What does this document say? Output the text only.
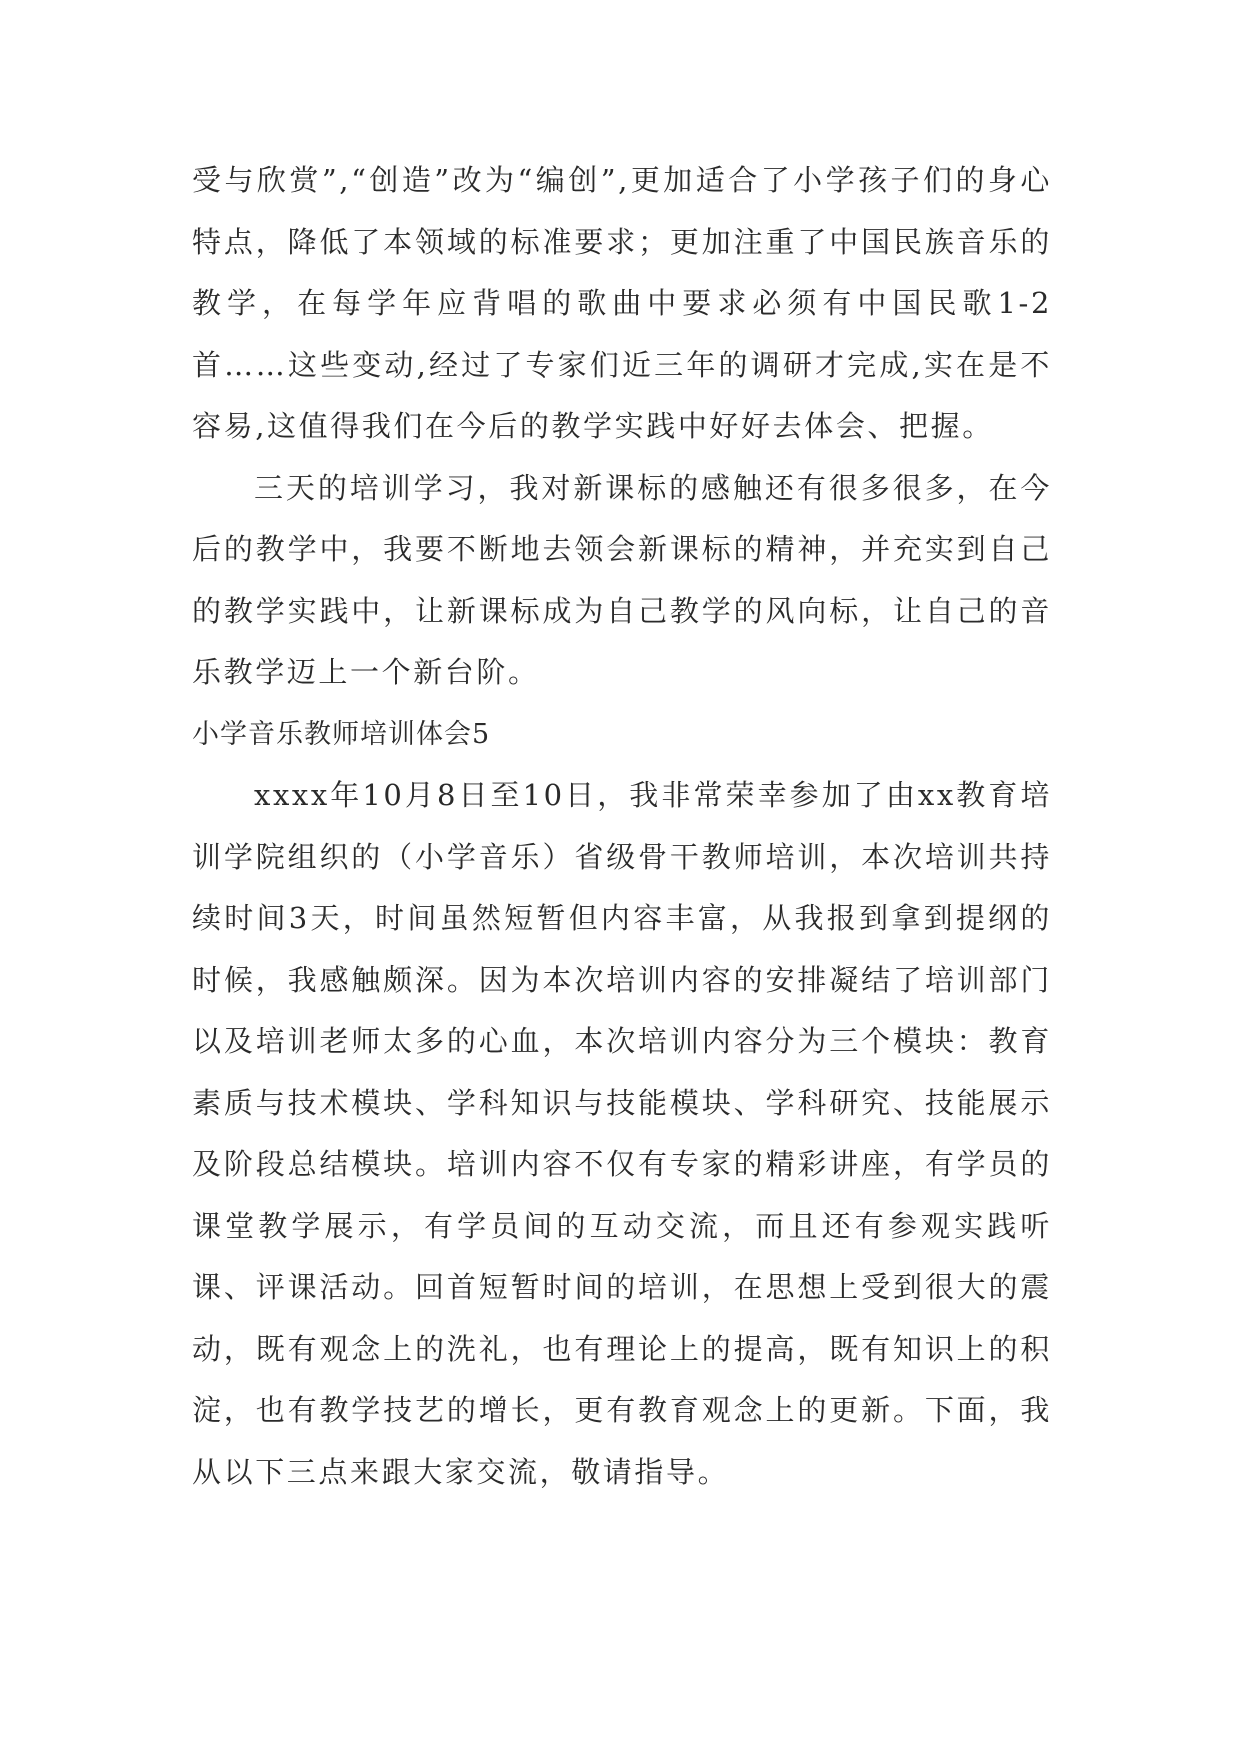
受与欣赏”,“创造”改为“编创”,更加适合了小学孩子们的身心特点，降低了本领域的标准要求；更加注重了中国民族音乐的教学，在每学年应背唱的歌曲中要求必须有中国民歌1-2首……这些变动,经过了专家们近三年的调研才完成,实在是不容易,这值得我们在今后的教学实践中好好去体会、把握。

三天的培训学习，我对新课标的感触还有很多很多，在今后的教学中，我要不断地去领会新课标的精神，并充实到自己的教学实践中，让新课标成为自己教学的风向标，让自己的音乐教学迈上一个新台阶。

小学音乐教师培训体会5

xxxx年10月8日至10日，我非常荣幸参加了由xx教育培训学院组织的（小学音乐）省级骨干教师培训，本次培训共持续时间3天，时间虽然短暂但内容丰富，从我报到拿到提纲的时候，我感触颇深。因为本次培训内容的安排凝结了培训部门以及培训老师太多的心血，本次培训内容分为三个模块：教育素质与技术模块、学科知识与技能模块、学科研究、技能展示及阶段总结模块。培训内容不仅有专家的精彩讲座，有学员的课堂教学展示，有学员间的互动交流，而且还有参观实践听课、评课活动。回首短暂时间的培训，在思想上受到很大的震动，既有观念上的洗礼，也有理论上的提高，既有知识上的积淀，也有教学技艺的增长，更有教育观念上的更新。下面，我从以下三点来跟大家交流，敬请指导。
